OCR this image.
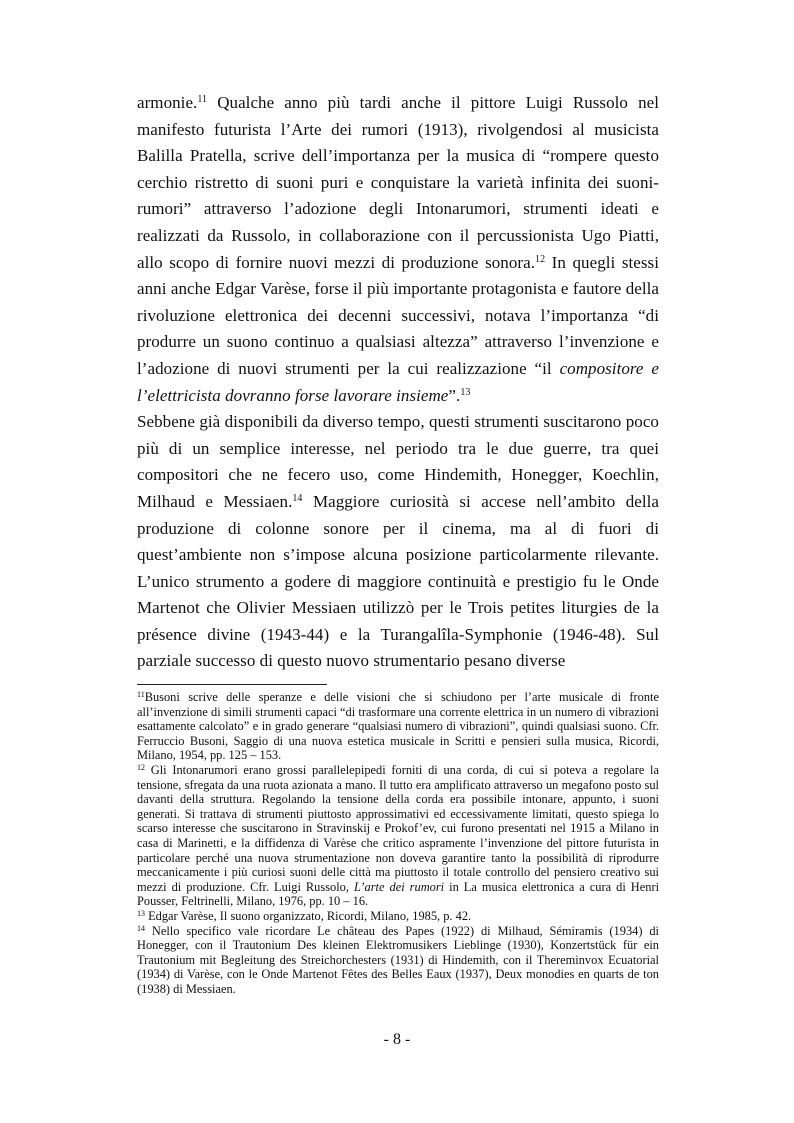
armonie.$^{11}$ Qualche anno più tardi anche il pittore Luigi Russolo nel manifesto futurista l’Arte dei rumori (1913), rivolgendosi al musicista Balilla Pratella, scrive dell’importanza per la musica di “rompere questo cerchio ristretto di suoni puri e conquistare la varietà infinita dei suoni-rumori” attraverso l’adozione degli Intonarumori, strumenti ideati e realizzati da Russolo, in collaborazione con il percussionista Ugo Piatti, allo scopo di fornire nuovi mezzi di produzione sonora.$^{12}$ In quegli stessi anni anche Edgar Varèse, forse il più importante protagonista e fautore della rivoluzione elettronica dei decenni successivi, notava l’importanza “di produrre un suono continuo a qualsiasi altezza” attraverso l’invenzione e l’adozione di nuovi strumenti per la cui realizzazione “il compositore e l’elettricista dovranno forse lavorare insieme”.$^{13}$

Sebbene già disponibili da diverso tempo, questi strumenti suscitarono poco più di un semplice interesse, nel periodo tra le due guerre, tra quei compositori che ne fecero uso, come Hindemith, Honegger, Koechlin, Milhaud e Messiaen.$^{14}$ Maggiore curiosità si accese nell’ambito della produzione di colonne sonore per il cinema, ma al di fuori di quest’ambiente non s’impose alcuna posizione particolarmente rilevante. L’unico strumento a godere di maggiore continuità e prestigio fu le Onde Martenot che Olivier Messiaen utilizzò per le Trois petites liturgies de la présence divine (1943-44) e la Turangalîla-Symphonie (1946-48). Sul parziale successo di questo nuovo strumentario pesano diverse

$^{11}$Busoni scrive delle speranze e delle visioni che si schiudono per l’arte musicale di fronte all’invenzione di simili strumenti capaci “di trasformare una corrente elettrica in un numero di vibrazioni esattamente calcolato” e in grado generare “qualsiasi numero di vibrazioni”, quindi qualsiasi suono. Cfr. Ferruccio Busoni, Saggio di una nuova estetica musicale in Scritti e pensieri sulla musica, Ricordi, Milano, 1954, pp. 125 – 153.

$^{12}$ Gli Intonarumori erano grossi parallelepipedi forniti di una corda, di cui si poteva a regolare la tensione, sfregata da una ruota azionata a mano. Il tutto era amplificato attraverso un megafono posto sul davanti della struttura. Regolando la tensione della corda era possibile intonare, appunto, i suoni generati. Si trattava di strumenti piuttosto approssimativi ed eccessivamente limitati, questo spiega lo scarso interesse che suscitarono in Stravinskij e Prokof’ev, cui furono presentati nel 1915 a Milano in casa di Marinetti, e la diffidenza di Varèse che critico aspramente l’invenzione del pittore futurista in particolare perché una nuova strumentazione non doveva garantire tanto la possibilità di riprodurre meccanicamente i più curiosi suoni delle città ma piuttosto il totale controllo del pensiero creativo sui mezzi di produzione. Cfr. Luigi Russolo, L’arte dei rumori in La musica elettronica a cura di Henri Pousser, Feltrinelli, Milano, 1976, pp. 10 – 16.

$^{13}$ Edgar Varèse, Il suono organizzato, Ricordi, Milano, 1985, p. 42.

$^{14}$ Nello specifico vale ricordare Le château des Papes (1922) di Milhaud, Sémiramis (1934) di Honegger, con il Trautonium Des kleinen Elektromusikers Lieblinge (1930), Konzertstück für ein Trautonium mit Begleitung des Streichorchesters (1931) di Hindemith, con il Thereminvox Ecuatorial (1934) di Varèse, con le Onde Martenot Fêtes des Belles Eaux (1937), Deux monodies en quarts de ton (1938) di Messiaen.

- 8 -
